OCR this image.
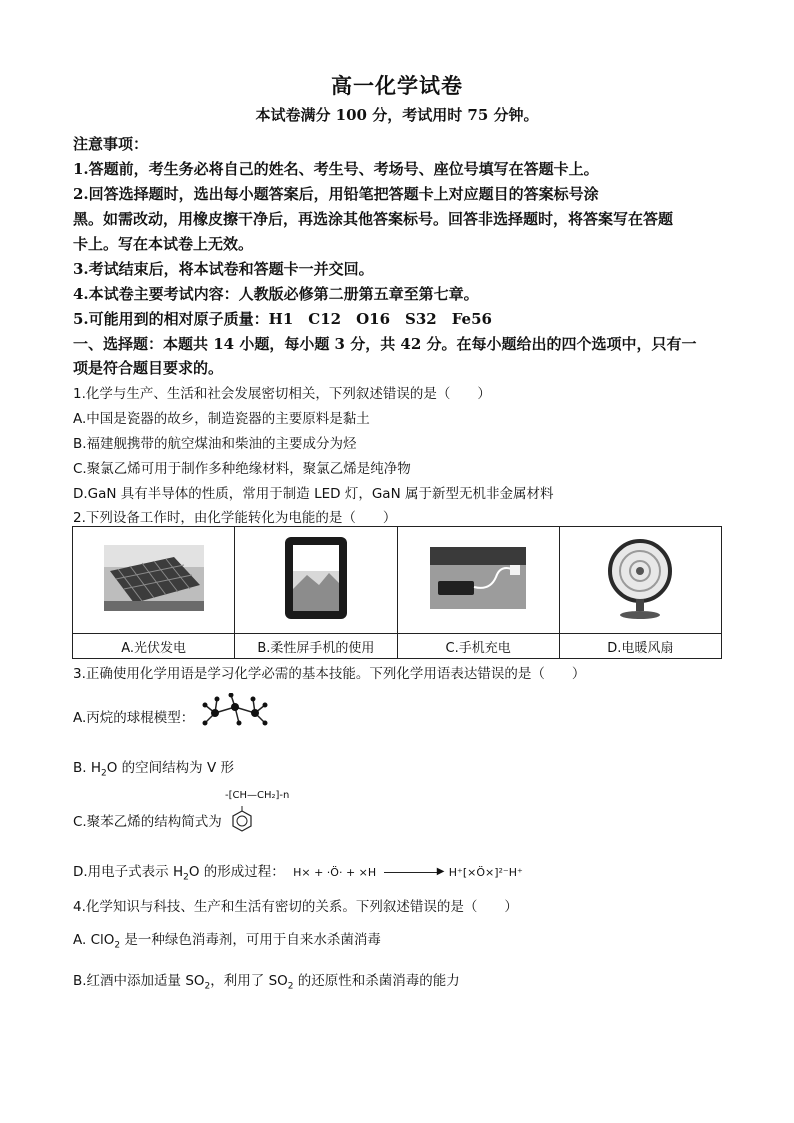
高一化学试卷
本试卷满分 100 分，考试用时 75 分钟。
注意事项：
1.答题前，考生务必将自己的姓名、考生号、考场号、座位号填写在答题卡上。
2.回答选择题时，选出每小题答案后，用铅笔把答题卡上对应题目的答案标号涂
黑。如需改动，用橡皮擦干净后，再选涂其他答案标号。回答非选择题时，将答案写在答题
卡上。写在本试卷上无效。
3.考试结束后，将本试卷和答题卡一并交回。
4.本试卷主要考试内容：人教版必修第二册第五章至第七章。
5.可能用到的相对原子质量：H1　C12　O16　S32　Fe56
一、选择题：本题共 14 小题，每小题 3 分，共 42 分。在每小题给出的四个选项中，只有一
项是符合题目要求的。
1.化学与生产、生活和社会发展密切相关，下列叙述错误的是（　　）
A.中国是瓷器的故乡，制造瓷器的主要原料是黏土
B.福建舰携带的航空煤油和柴油的主要成分为烃
C.聚氯乙烯可用于制作多种绝缘材料，聚氯乙烯是纯净物
D.GaN 具有半导体的性质，常用于制造 LED 灯，GaN 属于新型无机非金属材料
2.下列设备工作时，由化学能转化为电能的是（　　）

A.光伏发电	B.柔性屏手机的使用	C.手机充电	D.电暖风扇
3.正确使用化学用语是学习化学必需的基本技能。下列化学用语表达错误的是（　　）
A.丙烷的球棍模型：
B. $H_2O$ 的空间结构为 V 形
C.聚苯乙烯的结构简式为
-[CH—CH₂]-n
D.用电子式表示 $H_2O$ 的形成过程： H× + ·Ö· + ×H	▶ H⁺[×Ö×]²⁻H⁺
4.化学知识与科技、生产和生活有密切的关系。下列叙述错误的是（　　）
A. ClO$_2$ 是一种绿色消毒剂，可用于自来水杀菌消毒
B.红酒中添加适量 $SO_2$，利用了 $SO_2$ 的还原性和杀菌消毒的能力
